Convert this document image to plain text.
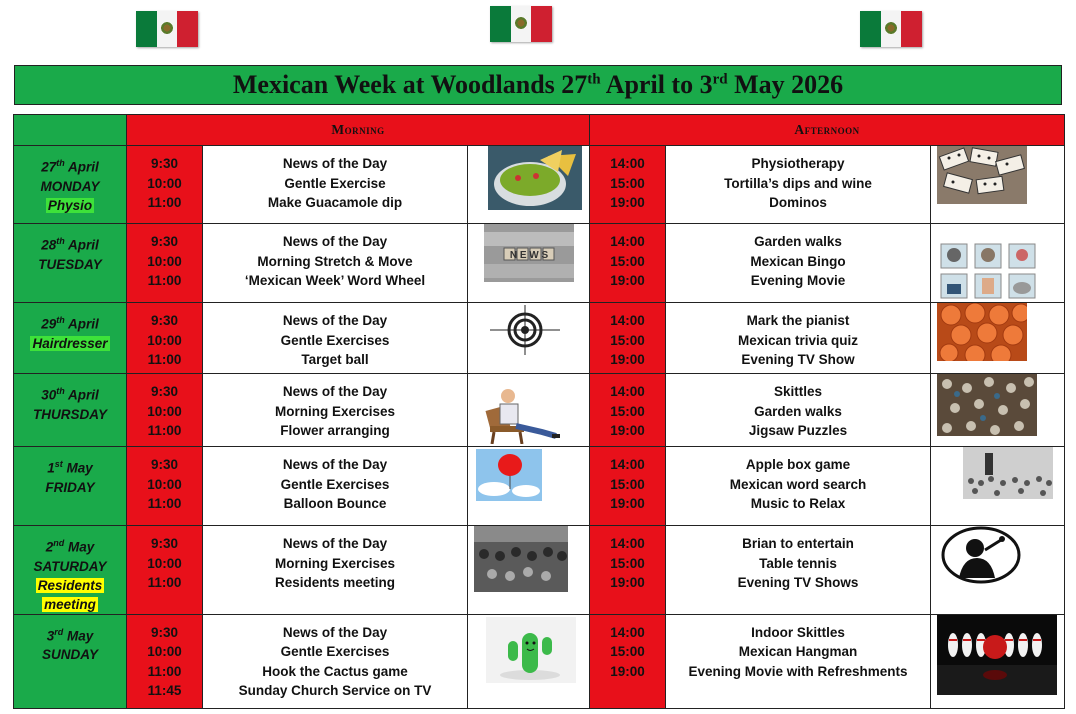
Mexican Week at Woodlands 27th April to 3rd May 2026
	Morning			Afternoon		

27th April
MONDAY
Physio	9:30
10:00
11:00	News of the Day
Gentle Exercise
Make Guacamole dip		14:00
15:00
19:00	Physiotherapy
Tortilla’s dips and wine
Dominos

28th April
TUESDAY	9:30
10:00
11:00	News of the Day
Morning Stretch & Move
‘Mexican Week’ Word Wheel	N E W S	14:00
15:00
19:00	Garden walks
Mexican Bingo
Evening Movie

29th April
Hairdresser	9:30
10:00
11:00	News of the Day
Gentle Exercises
Target ball		14:00
15:00
19:00	Mark the pianist
Mexican trivia quiz
Evening TV Show

30th April
THURSDAY	9:30
10:00
11:00	News of the Day
Morning Exercises
Flower arranging		14:00
15:00
19:00	Skittles
Garden walks
Jigsaw Puzzles

1st May
FRIDAY	9:30
10:00
11:00	News of the Day
Gentle Exercises
Balloon Bounce		14:00
15:00
19:00	Apple box game
Mexican word search
Music to Relax

2nd May
SATURDAY
Residents
meeting	9:30
10:00
11:00	News of the Day
Morning Exercises
Residents meeting		14:00
15:00
19:00	Brian to entertain
Table tennis
Evening TV Shows

3rd May
SUNDAY	9:30
10:00
11:00
11:45	News of the Day
Gentle Exercises
Hook the Cactus game
Sunday Church Service on TV		14:00
15:00
19:00	Indoor Skittles
Mexican Hangman
Evening Movie with Refreshments
